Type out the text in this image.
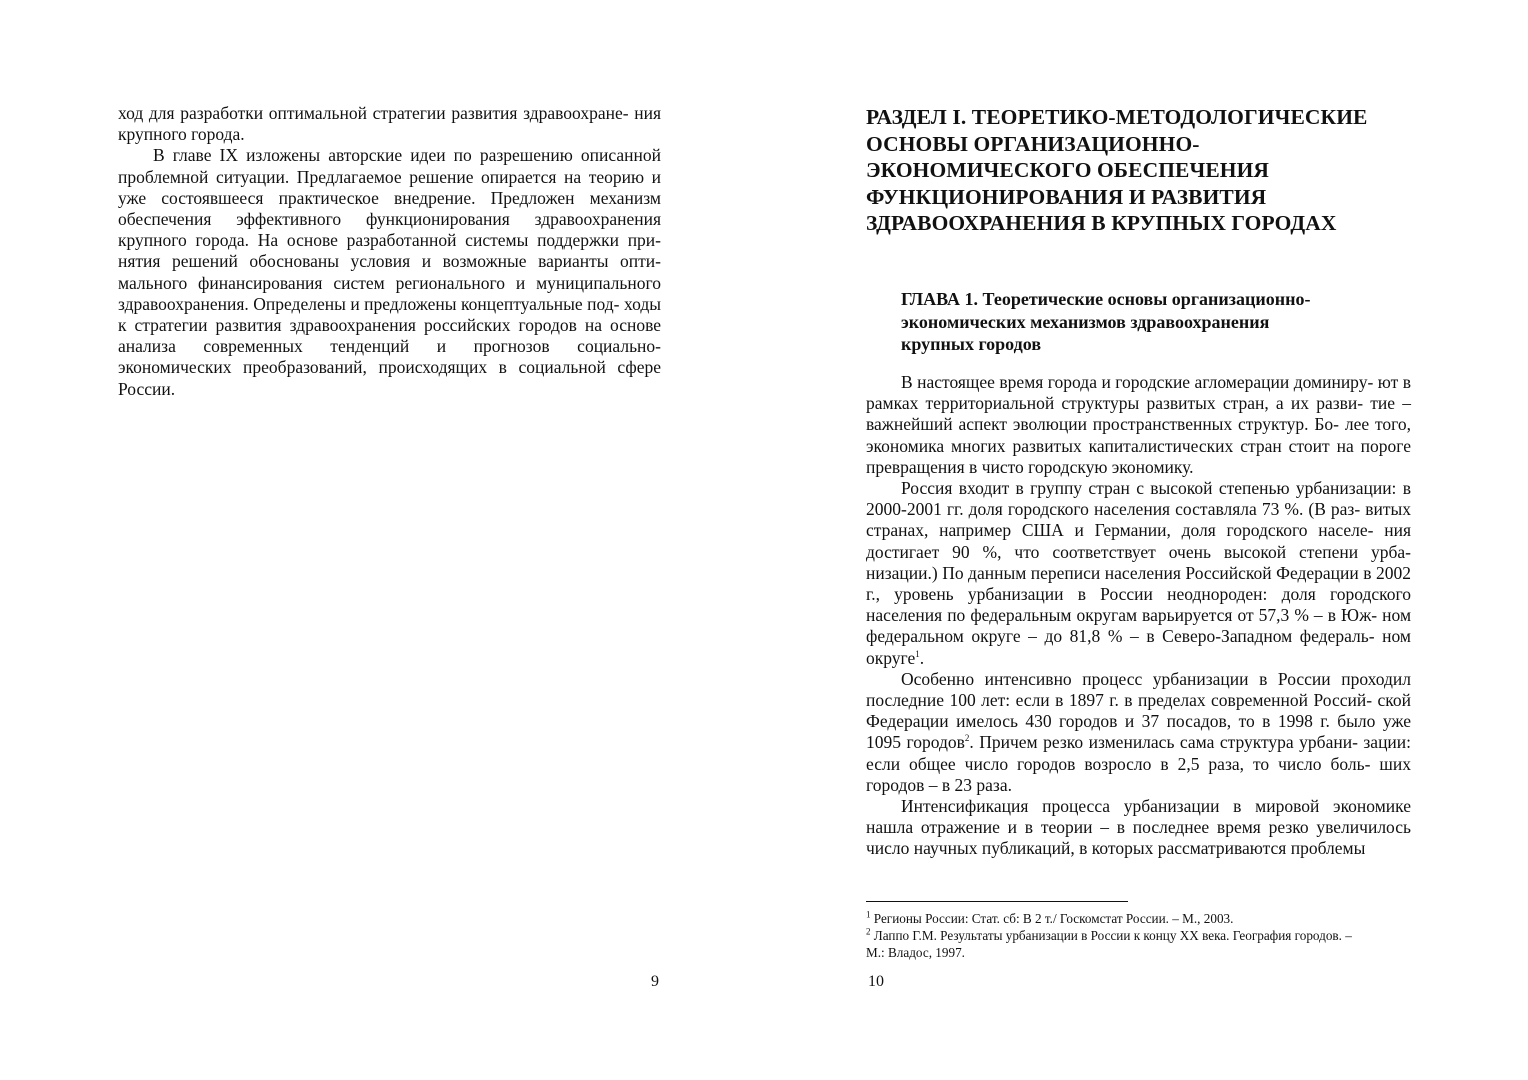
ход для разработки оптимальной стратегии развития здравоохране- ния крупного города.

В главе IX изложены авторские идеи по разрешению описанной проблемной ситуации. Предлагаемое решение опирается на теорию и уже состоявшееся практическое внедрение. Предложен механизм обеспечения эффективного функционирования здравоохранения крупного города. На основе разработанной системы поддержки при- нятия решений обоснованы условия и возможные варианты опти- мального финансирования систем регионального и муниципального здравоохранения. Определены и предложены концептуальные под- ходы к стратегии развития здравоохранения российских городов на основе анализа современных тенденций и прогнозов социально- экономических преобразований, происходящих в социальной сфере России.

9
РАЗДЕЛ I. ТЕОРЕТИКО-МЕТОДОЛОГИЧЕСКИЕ
ОСНОВЫ ОРГАНИЗАЦИОННО-
ЭКОНОМИЧЕСКОГО ОБЕСПЕЧЕНИЯ
ФУНКЦИОНИРОВАНИЯ И РАЗВИТИЯ
ЗДРАВООХРАНЕНИЯ В КРУПНЫХ ГОРОДАХ
ГЛАВА 1. Теоретические основы организационно-
экономических механизмов здравоохранения
крупных городов

В настоящее время города и городские агломерации доминиру- ют в рамках территориальной структуры развитых стран, а их разви- тие – важнейший аспект эволюции пространственных структур. Бо- лее того, экономика многих развитых капиталистических стран стоит на пороге превращения в чисто городскую экономику.

Россия входит в группу стран с высокой степенью урбанизации: в 2000-2001 гг. доля городского населения составляла 73 %. (В раз- витых странах, например США и Германии, доля городского населе- ния достигает 90 %, что соответствует очень высокой степени урба- низации.) По данным переписи населения Российской Федерации в 2002 г., уровень урбанизации в России неоднороден: доля городского населения по федеральным округам варьируется от 57,3 % – в Юж- ном федеральном округе – до 81,8 % – в Северо-Западном федераль- ном округе$^1$.

Особенно интенсивно процесс урбанизации в России проходил последние 100 лет: если в 1897 г. в пределах современной Россий- ской Федерации имелось 430 городов и 37 посадов, то в 1998 г. было уже 1095 городов$^2$. Причем резко изменилась сама структура урбани- зации: если общее число городов возросло в 2,5 раза, то число боль- ших городов – в 23 раза.

Интенсификация процесса урбанизации в мировой экономике нашла отражение и в теории – в последнее время резко увеличилось число научных публикаций, в которых рассматриваются проблемы

$^1$ Регионы России: Стат. сб: В 2 т./ Госкомстат России. – М., 2003.

$^2$ Лаппо Г.М. Результаты урбанизации в России к концу XX века. География городов. –

М.: Владос, 1997.

10
